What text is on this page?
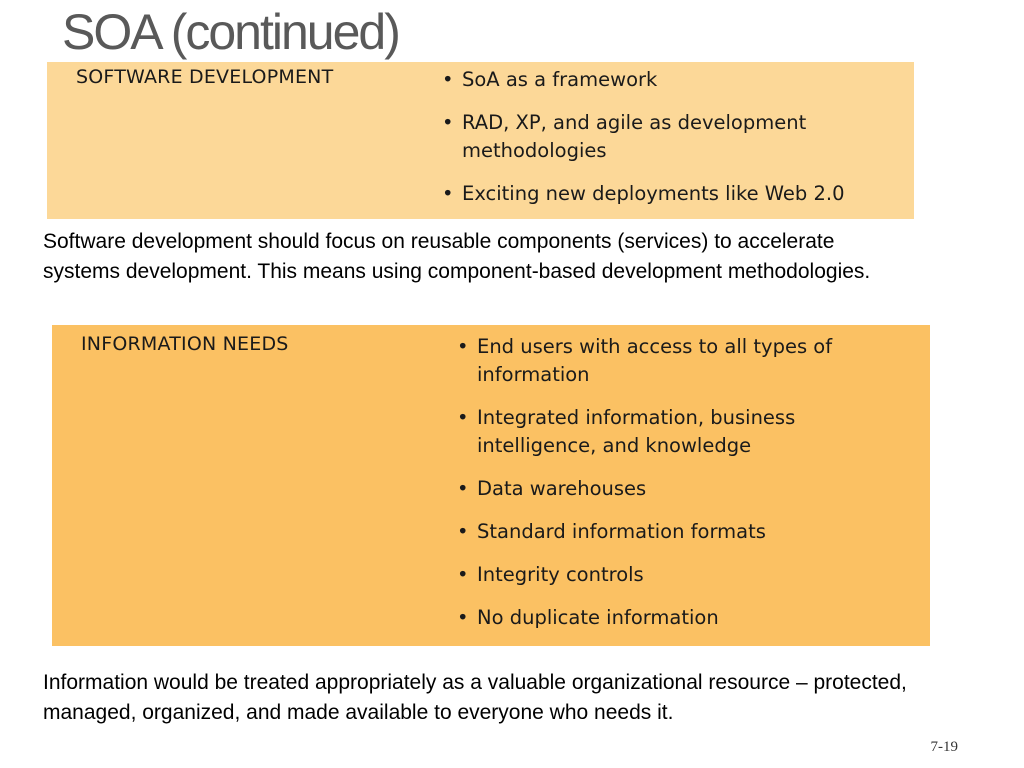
SOA (continued)
SOFTWARE DEVELOPMENT	• SoA as a framework
• RAD, XP, and agile as development methodologies
• Exciting new deployments like Web 2.0

Software development should focus on reusable components (services) to accelerate systems development. This means using component-based development methodologies.

INFORMATION NEEDS	• End users with access to all types of information
• Integrated information, business intelligence, and knowledge
• Data warehouses
• Standard information formats
• Integrity controls
• No duplicate information

Information would be treated appropriately as a valuable organizational resource – protected, managed, organized, and made available to everyone who needs it.

7-19
